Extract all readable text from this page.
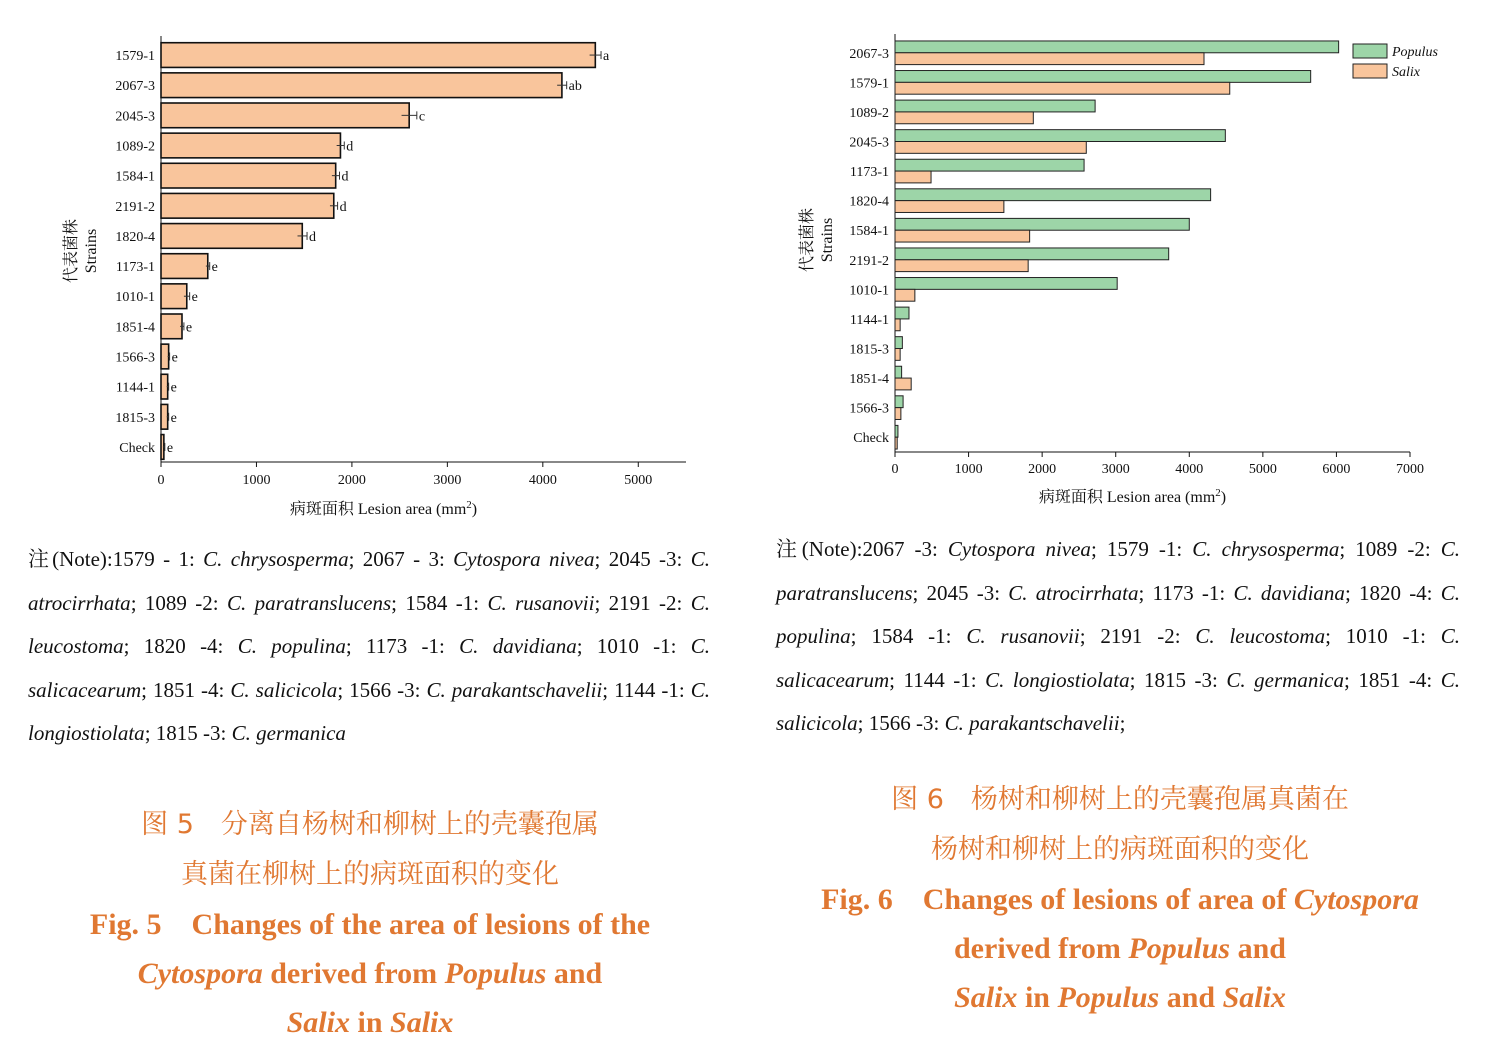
0	1000	2000	3000	4000	5000
1579-1	a
2067-3	ab
2045-3	c
1089-2	d
1584-1	d
2191-2	d
1820-4	d
1173-1	e
1010-1	e
1851-4 e
1566-3 e
1144-1 e
1815-3 e
Check e
病斑面积 Lesion area $(mm^2)$
代表菌株 Strains
注(Note):1579 - 1: C. chrysosperma; 2067 - 3: Cytospora nivea; 2045 -3: C. atrocirrhata; 1089 -2: C. paratranslucens; 1584 -1: C. rusanovii; 2191 -2: C. leucostoma; 1820 -4: C. populina; 1173 -1: C. davidiana; 1010 -1: C. salicacearum; 1851 -4: C. salicicola; 1566 -3: C. parakantschavelii; 1144 -1: C. longiostiolata; 1815 -3: C. germanica
图 5　分离自杨树和柳树上的壳囊孢属
真菌在柳树上的病斑面积的变化
Fig. 5　Changes of the area of lesions of the
Cytospora derived from Populus and
Salix in Salix
0	1000	2000	3000	4000	5000	6000	7000
2067-3
1579-1
1089-2
2045-3
1173-1
1820-4
1584-1
2191-2
1010-1
1144-1
1815-3
1851-4
1566-3
Check
Populus
Salix
病斑面积 Lesion area $(mm^2)$
代表菌株 Strains
注(Note):2067 -3: Cytospora nivea; 1579 -1: C. chrysosperma; 1089 -2: C. paratranslucens; 2045 -3: C. atrocirrhata; 1173 -1: C. davidiana; 1820 -4: C. populina; 1584 -1: C. rusanovii; 2191 -2: C. leucostoma; 1010 -1: C. salicacearum; 1144 -1: C. longiostiolata; 1815 -3: C. germanica; 1851 -4: C. salicicola; 1566 -3: C. parakantschavelii;
图 6　杨树和柳树上的壳囊孢属真菌在
杨树和柳树上的病斑面积的变化
Fig. 6　Changes of lesions of area of Cytospora
derived from Populus and
Salix in Populus and Salix
